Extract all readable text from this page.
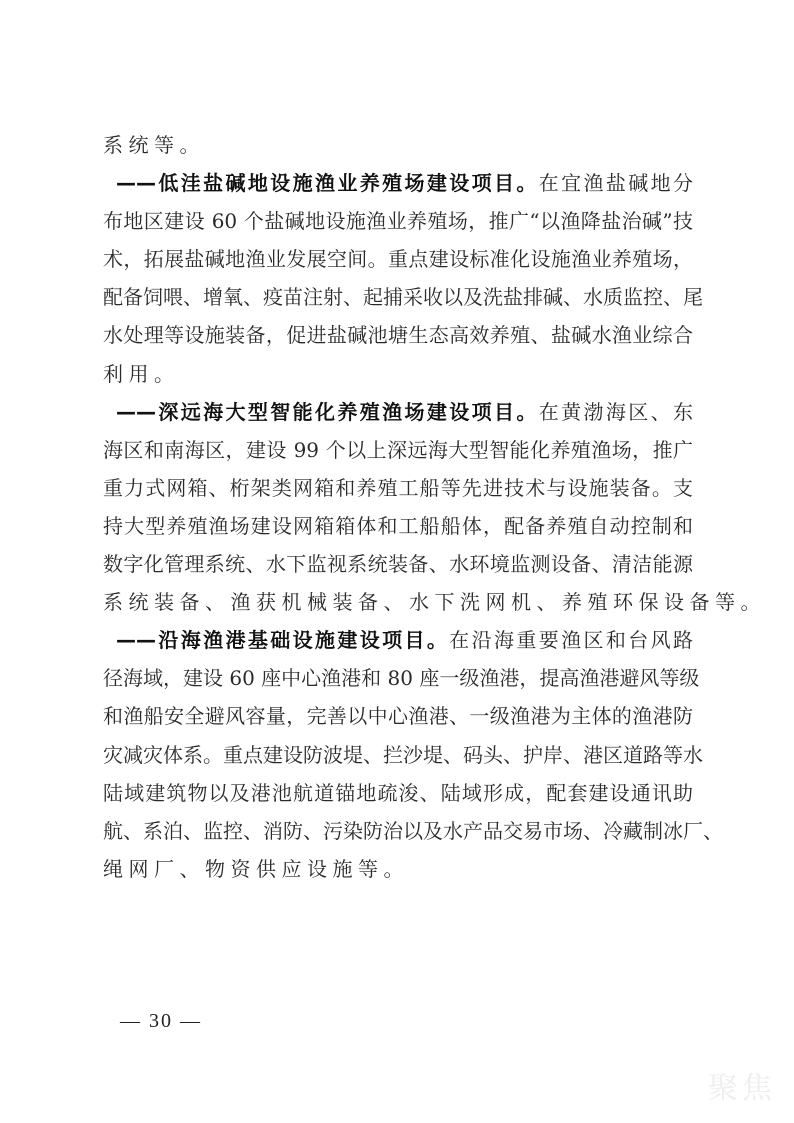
系统等。
——低洼盐碱地设施渔业养殖场建设项目。在宜渔盐碱地分
布地区建设 60 个盐碱地设施渔业养殖场，推广“以渔降盐治碱”技
术，拓展盐碱地渔业发展空间。重点建设标准化设施渔业养殖场，
配备饲喂、增氧、疫苗注射、起捕采收以及洗盐排碱、水质监控、尾
水处理等设施装备，促进盐碱池塘生态高效养殖、盐碱水渔业综合
利用。
——深远海大型智能化养殖渔场建设项目。在黄渤海区、东
海区和南海区，建设 99 个以上深远海大型智能化养殖渔场，推广
重力式网箱、桁架类网箱和养殖工船等先进技术与设施装备。支
持大型养殖渔场建设网箱箱体和工船船体，配备养殖自动控制和
数字化管理系统、水下监视系统装备、水环境监测设备、清洁能源
系统装备、渔获机械装备、水下洗网机、养殖环保设备等。
——沿海渔港基础设施建设项目。在沿海重要渔区和台风路
径海域，建设 60 座中心渔港和 80 座一级渔港，提高渔港避风等级
和渔船安全避风容量，完善以中心渔港、一级渔港为主体的渔港防
灾减灾体系。重点建设防波堤、拦沙堤、码头、护岸、港区道路等水
陆域建筑物以及港池航道锚地疏浚、陆域形成，配套建设通讯助
航、系泊、监控、消防、污染防治以及水产品交易市场、冷藏制冰厂、
绳网厂、物资供应设施等。
— 30 —
聚焦
